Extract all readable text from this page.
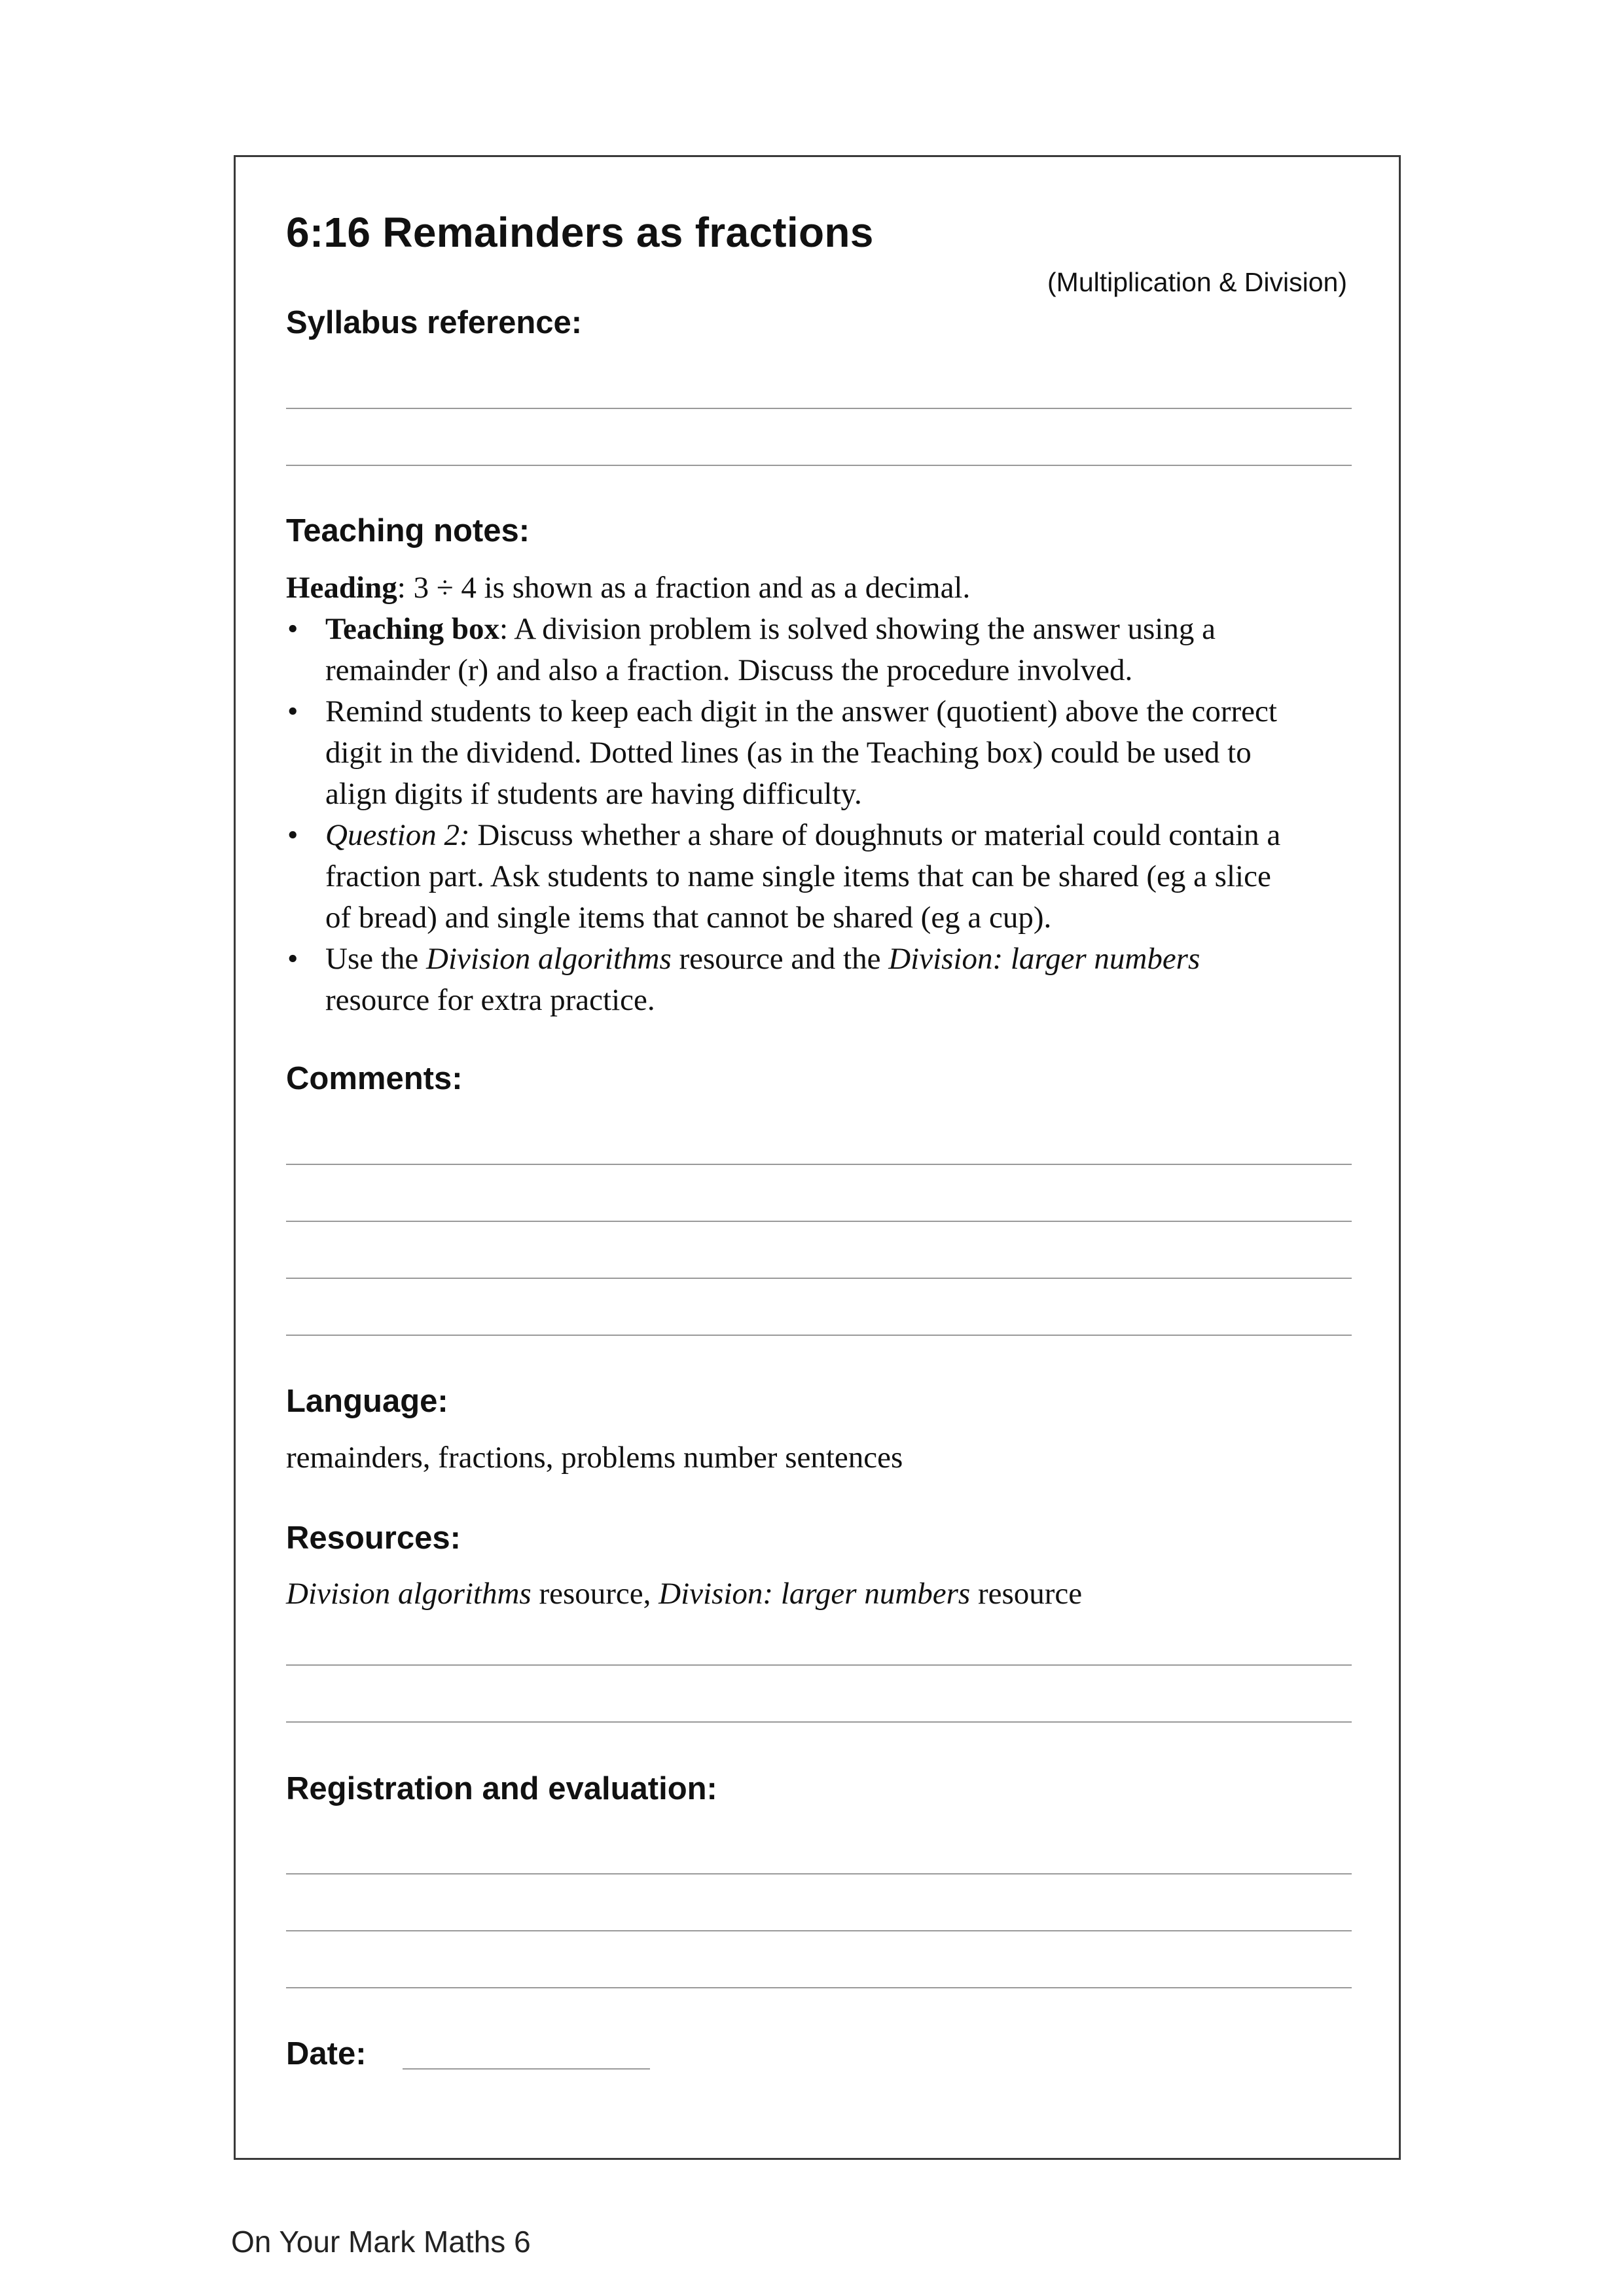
6:16 Remainders as fractions
(Multiplication & Division)
Syllabus reference:
Teaching notes:

Heading: 3 ÷ 4 is shown as a fraction and as a decimal.

• Teaching box: A division problem is solved showing the answer using a
remainder (r) and also a fraction. Discuss the procedure involved.
• Remind students to keep each digit in the answer (quotient) above the correct
digit in the dividend. Dotted lines (as in the Teaching box) could be used to
align digits if students are having difficulty.
• Question 2: Discuss whether a share of doughnuts or material could contain a
fraction part. Ask students to name single items that can be shared (eg a slice
of bread) and single items that cannot be shared (eg a cup).
• Use the Division algorithms resource and the Division: larger numbers
resource for extra practice.
Comments:
Language:
remainders, fractions, problems number sentences
Resources:
Division algorithms resource, Division: larger numbers resource
Registration and evaluation:
Date:
On Your Mark Maths 6
